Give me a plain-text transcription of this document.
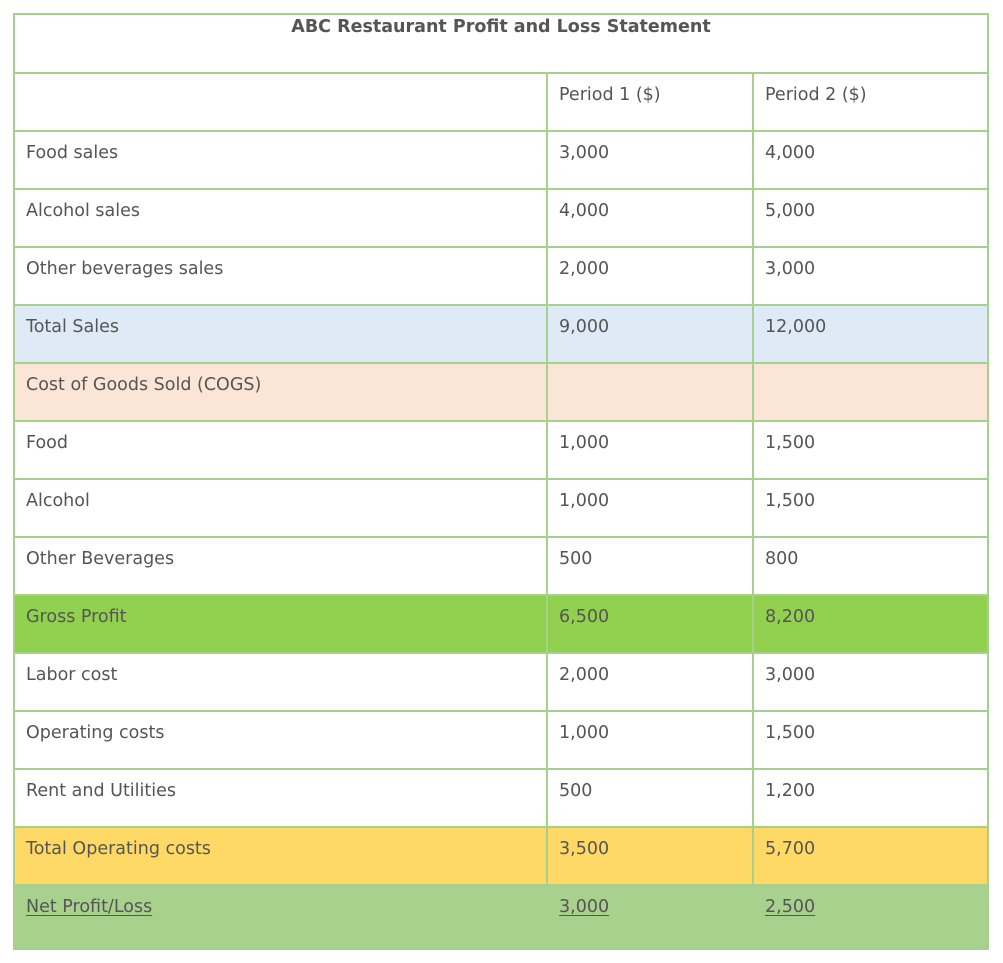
ABC Restaurant Profit and Loss Statement		
	Period 1 ($)	Period 2 ($)
Food sales	3,000	4,000
Alcohol sales	4,000	5,000
Other beverages sales	2,000	3,000
Total Sales	9,000	12,000
Cost of Goods Sold (COGS)		
Food	1,000	1,500
Alcohol	1,000	1,500
Other Beverages	500	800
Gross Profit	6,500	8,200
Labor cost	2,000	3,000
Operating costs	1,000	1,500
Rent and Utilities	500	1,200
Total Operating costs	3,500	5,700
Net Profit/Loss	3,000	2,500
